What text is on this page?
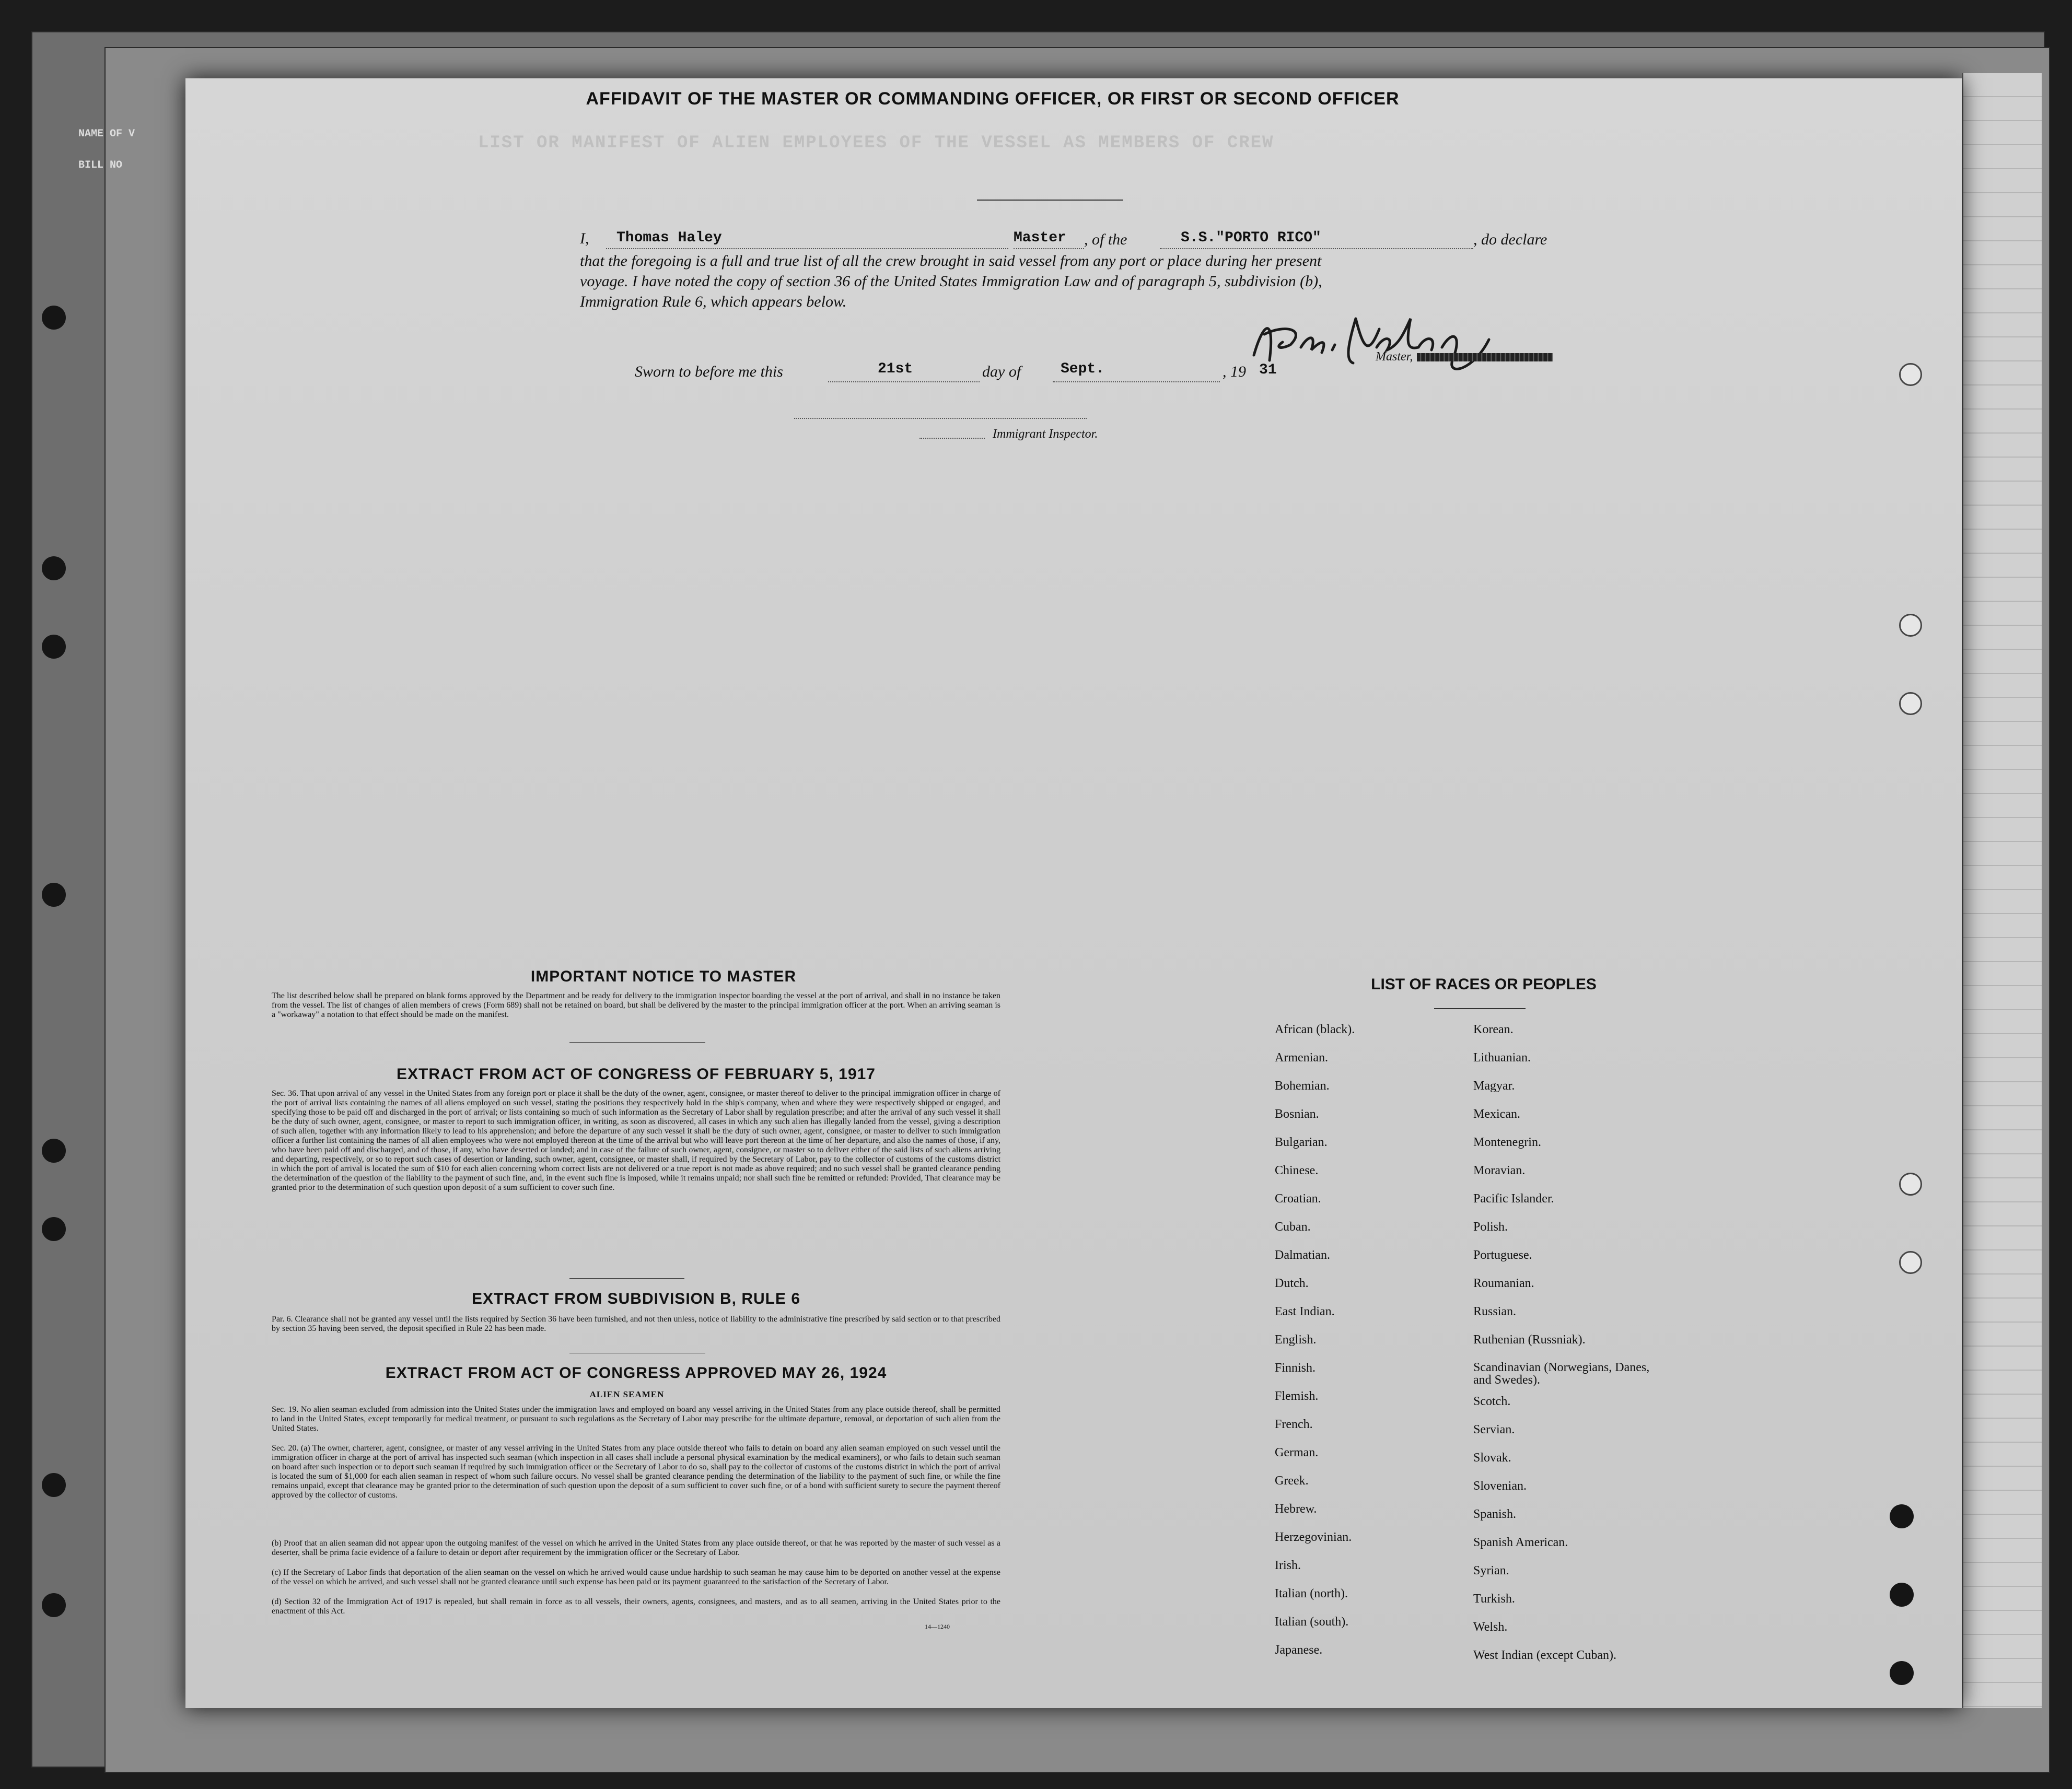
NAME OF V
BILL NO
LIST OR MANIFEST OF ALIEN EMPLOYEES OF THE VESSEL AS MEMBERS OF CREW
AFFIDAVIT OF THE MASTER OR COMMANDING OFFICER, OR FIRST OR SECOND OFFICER
I, Thomas Haley	Master , of the	S.S."PORTO RICO"	, do declare
that the foregoing is a full and true list of all the crew brought in said vessel from any port or place during her present
voyage. I have noted the copy of section 36 of the United States Immigration Law and of paragraph 5, subdivision (b),
Immigration Rule 6, which appears below.
Master,
Sworn to before me this	21st	day of	Sept.	, 19 31
Immigrant Inspector.
IMPORTANT NOTICE TO MASTER

The list described below shall be prepared on blank forms approved by the Department and be ready for delivery to the immigration inspector boarding the vessel at the port of arrival, and shall in no instance be taken from the vessel. The list of changes of alien members of crews (Form 689) shall not be retained on board, but shall be delivered by the master to the principal immigration officer at the port. When an arriving seaman is a "workaway" a notation to that effect should be made on the manifest.

EXTRACT FROM ACT OF CONGRESS OF FEBRUARY 5, 1917

Sec. 36. That upon arrival of any vessel in the United States from any foreign port or place it shall be the duty of the owner, agent, consignee, or master thereof to deliver to the principal immigration officer in charge of the port of arrival lists containing the names of all aliens employed on such vessel, stating the positions they respectively hold in the ship's company, when and where they were respectively shipped or engaged, and specifying those to be paid off and discharged in the port of arrival; or lists containing so much of such information as the Secretary of Labor shall by regulation prescribe; and after the arrival of any such vessel it shall be the duty of such owner, agent, consignee, or master to report to such immigration officer, in writing, as soon as discovered, all cases in which any such alien has illegally landed from the vessel, giving a description of such alien, together with any information likely to lead to his apprehension; and before the departure of any such vessel it shall be the duty of such owner, agent, consignee, or master to deliver to such immigration officer a further list containing the names of all alien employees who were not employed thereon at the time of the arrival but who will leave port thereon at the time of her departure, and also the names of those, if any, who have been paid off and discharged, and of those, if any, who have deserted or landed; and in case of the failure of such owner, agent, consignee, or master so to deliver either of the said lists of such aliens arriving and departing, respectively, or so to report such cases of desertion or landing, such owner, agent, consignee, or master shall, if required by the Secretary of Labor, pay to the collector of customs of the customs district in which the port of arrival is located the sum of $10 for each alien concerning whom correct lists are not delivered or a true report is not made as above required; and no such vessel shall be granted clearance pending the determination of the question of the liability to the payment of such fine, and, in the event such fine is imposed, while it remains unpaid; nor shall such fine be remitted or refunded: Provided, That clearance may be granted prior to the determination of such question upon deposit of a sum sufficient to cover such fine.

EXTRACT FROM SUBDIVISION B, RULE 6

Par. 6. Clearance shall not be granted any vessel until the lists required by Section 36 have been furnished, and not then unless, notice of liability to the administrative fine prescribed by said section or to that prescribed by section 35 having been served, the deposit specified in Rule 22 has been made.

EXTRACT FROM ACT OF CONGRESS APPROVED MAY 26, 1924
ALIEN SEAMEN

Sec. 19. No alien seaman excluded from admission into the United States under the immigration laws and employed on board any vessel arriving in the United States from any place outside thereof, shall be permitted to land in the United States, except temporarily for medical treatment, or pursuant to such regulations as the Secretary of Labor may prescribe for the ultimate departure, removal, or deportation of such alien from the United States.

Sec. 20. (a) The owner, charterer, agent, consignee, or master of any vessel arriving in the United States from any place outside thereof who fails to detain on board any alien seaman employed on such vessel until the immigration officer in charge at the port of arrival has inspected such seaman (which inspection in all cases shall include a personal physical examination by the medical examiners), or who fails to detain such seaman on board after such inspection or to deport such seaman if required by such immigration officer or the Secretary of Labor to do so, shall pay to the collector of customs of the customs district in which the port of arrival is located the sum of $1,000 for each alien seaman in respect of whom such failure occurs. No vessel shall be granted clearance pending the determination of the liability to the payment of such fine, or while the fine remains unpaid, except that clearance may be granted prior to the determination of such question upon the deposit of a sum sufficient to cover such fine, or of a bond with sufficient surety to secure the payment thereof approved by the collector of customs.

(b) Proof that an alien seaman did not appear upon the outgoing manifest of the vessel on which he arrived in the United States from any place outside thereof, or that he was reported by the master of such vessel as a deserter, shall be prima facie evidence of a failure to detain or deport after requirement by the immigration officer or the Secretary of Labor.

(c) If the Secretary of Labor finds that deportation of the alien seaman on the vessel on which he arrived would cause undue hardship to such seaman he may cause him to be deported on another vessel at the expense of the vessel on which he arrived, and such vessel shall not be granted clearance until such expense has been paid or its payment guaranteed to the satisfaction of the Secretary of Labor.

(d) Section 32 of the Immigration Act of 1917 is repealed, but shall remain in force as to all vessels, their owners, agents, consignees, and masters, and as to all seamen, arriving in the United States prior to the enactment of this Act.

14—1240
LIST OF RACES OR PEOPLES
African (black).
Armenian.
Bohemian.
Bosnian.
Bulgarian.
Chinese.
Croatian.
Cuban.
Dalmatian.
Dutch.
East Indian.
English.
Finnish.
Flemish.
French.
German.
Greek.
Hebrew.
Herzegovinian.
Irish.
Italian (north).
Italian (south).
Japanese.
Korean.
Lithuanian.
Magyar.
Mexican.
Montenegrin.
Moravian.
Pacific Islander.
Polish.
Portuguese.
Roumanian.
Russian.
Ruthenian (Russniak).
Scandinavian (Norwegians, Danes, and Swedes).
Scotch.
Servian.
Slovak.
Slovenian.
Spanish.
Spanish American.
Syrian.
Turkish.
Welsh.
West Indian (except Cuban).
